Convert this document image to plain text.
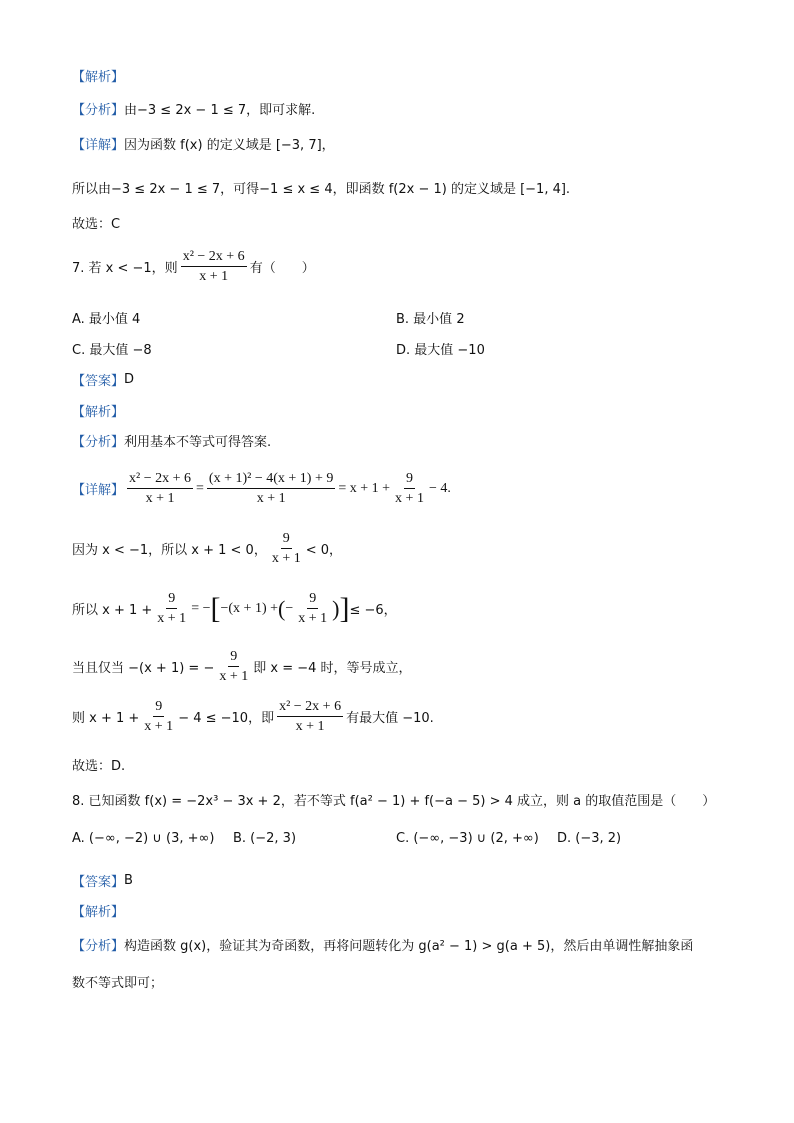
【解析】
【分析】 由−3 ≤ 2x − 1 ≤ 7，即可求解.
【详解】 因为函数 f(x) 的定义域是 [−3, 7]，
所以由−3 ≤ 2x − 1 ≤ 7，可得−1 ≤ x ≤ 4，即函数 f(2x − 1) 的定义域是 [−1, 4].
故选：C
7. 若 x < −1，则 $\frac{\text{x² − 2x + 6}}{x + 1}$ 有（　　）
A. 最小值 4	B. 最小值 2
C. 最大值 −8	D. 最大值 −10
【答案】 D
【解析】
【分析】 利用基本不等式可得答案.
【详解】 $\frac{\text{x² − 2x + 6}}{x + 1} = \frac{\text{(x + 1)² − 4(x + 1) + 9}}{x + 1} = x + 1 + \frac{9}{x + 1} - 4$.
因为 x < −1，所以 x + 1 < 0， $\frac{9}{x + 1} < 0$，
所以 $x + 1 + \frac{9}{x + 1}$ = − [ −(x + 1) + ( − $\frac{9}{x + 1}$ ) ] ≤ −6，
当且仅当 −(x + 1) = − $\frac{9}{x + 1}$ 即 x = −4 时，等号成立，
则 $x + 1 + \frac{9}{x + 1} - 4 \le -10$，即 $\frac{\text{x² − 2x + 6}}{x + 1}$ 有最大值 −10.
故选：D.
8. 已知函数 f(x) = −2x³ − 3x + 2，若不等式 f(a² − 1) + f(−a − 5) > 4 成立，则 a 的取值范围是（　　）
A. (−∞, −2) ∪ (3, +∞) B. (−2, 3)	C. (−∞, −3) ∪ (2, +∞) D. (−3, 2)
【答案】 B
【解析】
【分析】 构造函数 g(x)，验证其为奇函数，再将问题转化为 g(a² − 1) > g(a + 5)，然后由单调性解抽象函
数不等式即可；
